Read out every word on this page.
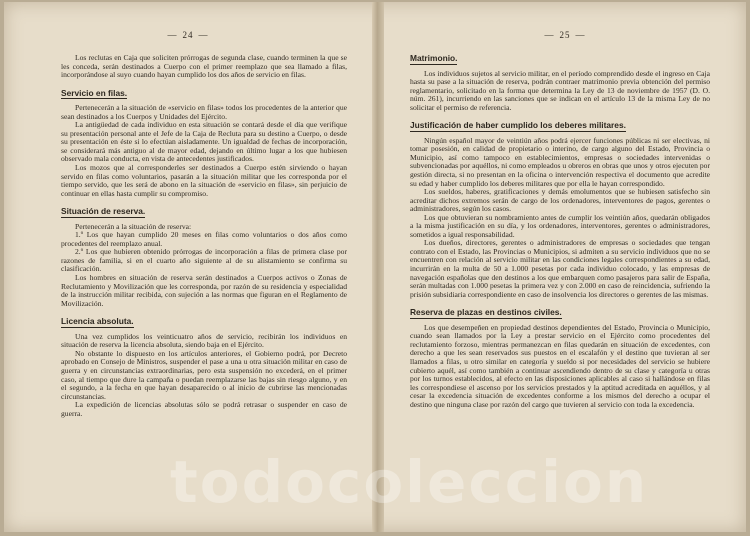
— 24 —

Los reclutas en Caja que soliciten prórrogas de segunda clase, cuando terminen la que se les conceda, serán destinados a Cuerpo con el primer reemplazo que sea llamado a filas, incorporándose al suyo cuando hayan cumplido los dos años de servicio en filas.

Servicio en filas.

Pertenecerán a la situación de «servicio en filas» todos los procedentes de la anterior que sean destinados a los Cuerpos y Unidades del Ejército.

La antigüedad de cada individuo en esta situación se contará desde el día que verifique su presentación personal ante el Jefe de la Caja de Recluta para su destino a Cuerpo, o desde su presentación en éste si lo efectúan aisladamente. Un igualdad de fechas de incorporación, se considerará más antiguo al de mayor edad, dejando en último lugar a los que hubiesen observado mala conducta, en vista de antecedentes justificados.

Los mozos que al corresponderles ser destinados a Cuerpo estén sirviendo o hayan servido en filas como voluntarios, pasarán a la situación militar que les corresponda por el tiempo servido, que les será de abono en la situación de «servicio en filas», sin perjuicio de continuar en ellas hasta cumplir su compromiso.

Situación de reserva.

Pertenecerán a la situación de reserva:

1.º Los que hayan cumplido 20 meses en filas como voluntarios o dos años como procedentes del reemplazo anual.

2.º Los que hubieren obtenido prórrogas de incorporación a filas de primera clase por razones de familia, si en el cuarto año siguiente al de su alistamiento se confirma su clasificación.

Los hombres en situación de reserva serán destinados a Cuerpos activos o Zonas de Reclutamiento y Movilización que les corresponda, por razón de su residencia y especialidad de la instrucción militar recibida, con sujeción a las normas que figuran en el Reglamento de Movilización.

Licencia absoluta.

Una vez cumplidos los veinticuatro años de servicio, recibirán los individuos en situación de reserva la licencia absoluta, siendo baja en el Ejército.

No obstante lo dispuesto en los artículos anteriores, el Gobierno podrá, por Decreto aprobado en Consejo de Ministros, suspender el pase a una u otra situación militar en caso de guerra y en circunstancias extraordinarias, pero esta suspensión no excederá, en el primer caso, al tiempo que dure la campaña o puedan reemplazarse las bajas sin riesgo alguno, y en el segundo, a la fecha en que hayan desaparecido o al inicio de cubrirse las mencionadas circunstancias.

La expedición de licencias absolutas sólo se podrá retrasar o suspender en caso de guerra.

— 25 —
Matrimonio.

Los individuos sujetos al servicio militar, en el período comprendido desde el ingreso en Caja hasta su pase a la situación de reserva, podrán contraer matrimonio previa obtención del permiso reglamentario, solicitado en la forma que determina la Ley de 13 de noviembre de 1957 (D. O. núm. 261), incurriendo en las sanciones que se indican en el artículo 13 de la misma Ley de no solicitar el permiso de referencia.

Justificación de haber cumplido los deberes militares.

Ningún español mayor de veintiún años podrá ejercer funciones públicas ni ser electivas, ni tomar posesión, en calidad de propietario o interino, de cargo alguno del Estado, Provincia o Municipio, así como tampoco en establecimientos, empresas o sociedades intervenidas o subvencionadas por aquéllos, ni como empleados u obreros en obras que unos y otros ejecuten por gestión directa, si no presentan en la oficina o intervención respectiva el documento que acredite su edad y haber cumplido los deberes militares que por ella le hayan correspondido.

Los sueldos, haberes, gratificaciones y demás emolumentos que se hubiesen satisfecho sin acreditar dichos extremos serán de cargo de los ordenadores, interventores de pagos, gerentes o administradores, según los casos.

Los que obtuvieran su nombramiento antes de cumplir los veintiún años, quedarán obligados a la misma justificación en su día, y los ordenadores, interventores, gerentes o administradores, sometidos a igual responsabilidad.

Los dueños, directores, gerentes o administradores de empresas o sociedades que tengan contrato con el Estado, las Provincias o Municipios, si admiten a su servicio individuos que no se encuentren con relación al servicio militar en las condiciones legales correspondientes a su edad, incurrirán en la multa de 50 a 1.000 pesetas por cada individuo colocado, y las empresas de navegación españolas que den destinos a los que embarquen como pasajeros para salir de España, serán multadas con 1.000 pesetas la primera vez y con 2.000 en caso de reincidencia, sufriendo la prisión subsidiaria correspondiente en caso de insolvencia los directores o gerentes de las mismas.

Reserva de plazas en destinos civiles.

Los que desempeñen en propiedad destinos dependientes del Estado, Provincia o Municipio, cuando sean llamados por la Ley a prestar servicio en el Ejército como procedentes del reclutamiento forzoso, mientras permanezcan en filas quedarán en situación de excedentes, con derecho a que les sean reservados sus puestos en el escalafón y el destino que tuvieran al ser llamados a filas, u otro similar en categoría y sueldo si por necesidades del servicio se hubiere cubierto aquél, así como también a continuar ascendiendo dentro de su clase y categoría u otras por los turnos establecidos, al efecto en las disposiciones aplicables al caso si hallándose en filas les correspondiese el ascenso por los servicios prestados y la aptitud acreditada en aquéllos, y al cesar la excedencia situación de excedentes conforme a los mismos del derecho a ocupar el destino que ninguna clase por razón del cargo que tuvieren al servicio con toda la excedencia.

todocoleccion
